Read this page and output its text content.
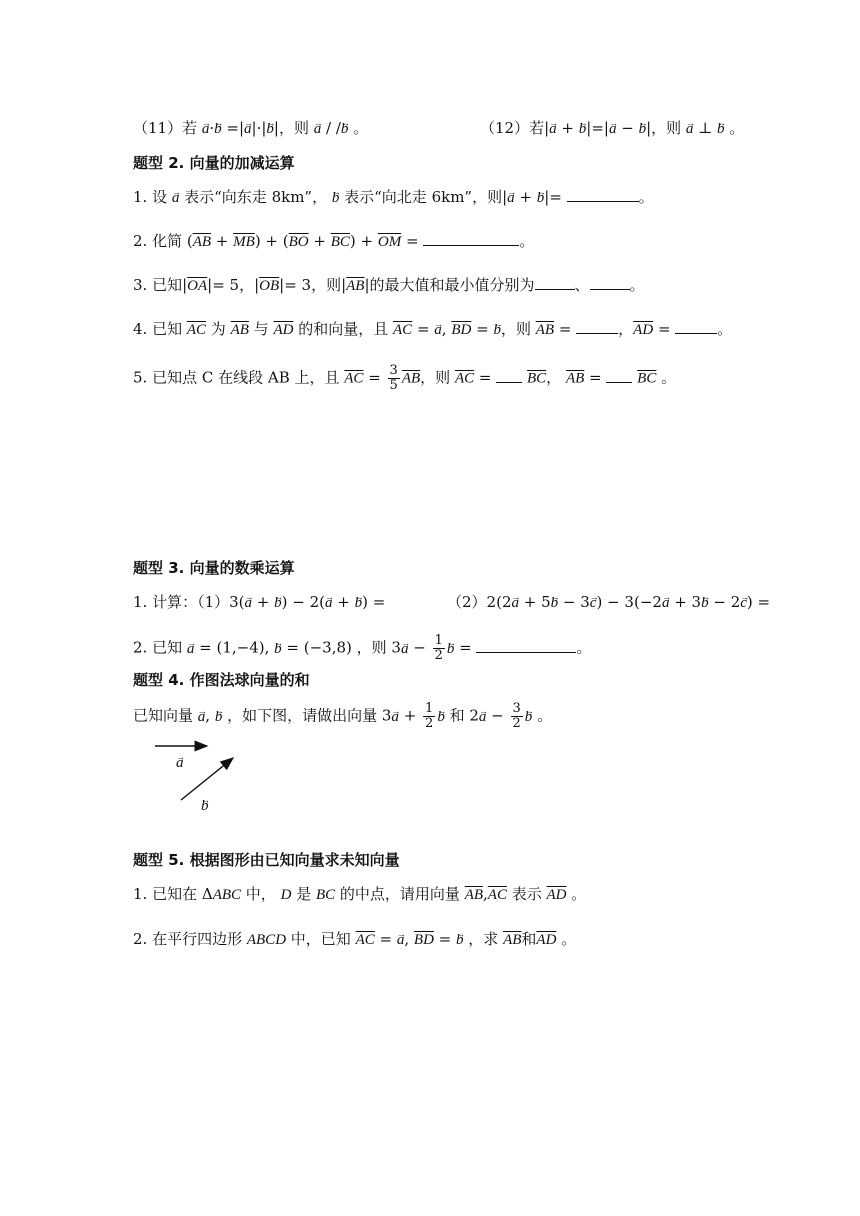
（11）若 → a·→ b =|→ a|·|→ b|，则 → a / /→ b 。	（12）若|→ a + → b|=|→ a − → b|，则 → a ⊥ → b 。
题型 2. 向量的加减运算
1. 设 → a 表示“向东走 8km”， → b 表示“向北走 6km”，则|→ a + → b|=	。
2. 化简 $(\overline{AB} + \overline{MB}) + (\overline{BO} + \overline{BC}) + \overline{OM}$ =	。
3. 已知$|\overline{OA}|= 5$，$|\overline{OB}|= 3$，则$|\overline{AB}|$的最大值和最小值分别为	、	。
4. 已知 $\overline{AC}$ 为 $\overline{AB}$ 与 $\overline{AD}$ 的和向量，且 $\overline{AC}$ = → a, $\overline{BD}$ = → b，则 $\overline{AB}$ =	，$\overline{AD}$ =	。
5. 已知点 C 在线段 AB 上，且 $\overline{AC} = \frac{3}{5} \overline{AB}$，则 $\overline{AC} = \overline{BC}$， $\overline{AB} = \overline{BC}$ 。
题型 3. 向量的数乘运算
1. 计算：（1）3(→ a + → b) − 2(→ a + → b) =	（2）2(2→ a + 5→ b − 3→ c) − 3(−2→ a + 3→ b − 2→ c) =
2. 已知 → a = (1,−4), → b = (−3,8) ，则 $3\to a - \frac{1}{2} \to b$ =	。
题型 4. 作图法球向量的和
已知向量 → a, → b ，如下图，请做出向量 $3\to a + \frac{1}{2} \to b$ 和 $2\to a - \frac{3}{2} \to b$ 。
→ a
→ b
题型 5. 根据图形由已知向量求未知向量
1. 已知在 ΔABC 中， D 是 BC 的中点，请用向量 $\overline{AB},\overline{AC}$ 表示 $\overline{AD}$ 。
2. 在平行四边形 ABCD 中，已知 $\overline{AC}$ = → a, $\overline{BD}$ = → b ，求 $\overline{AB}$和$\overline{AD}$ 。
